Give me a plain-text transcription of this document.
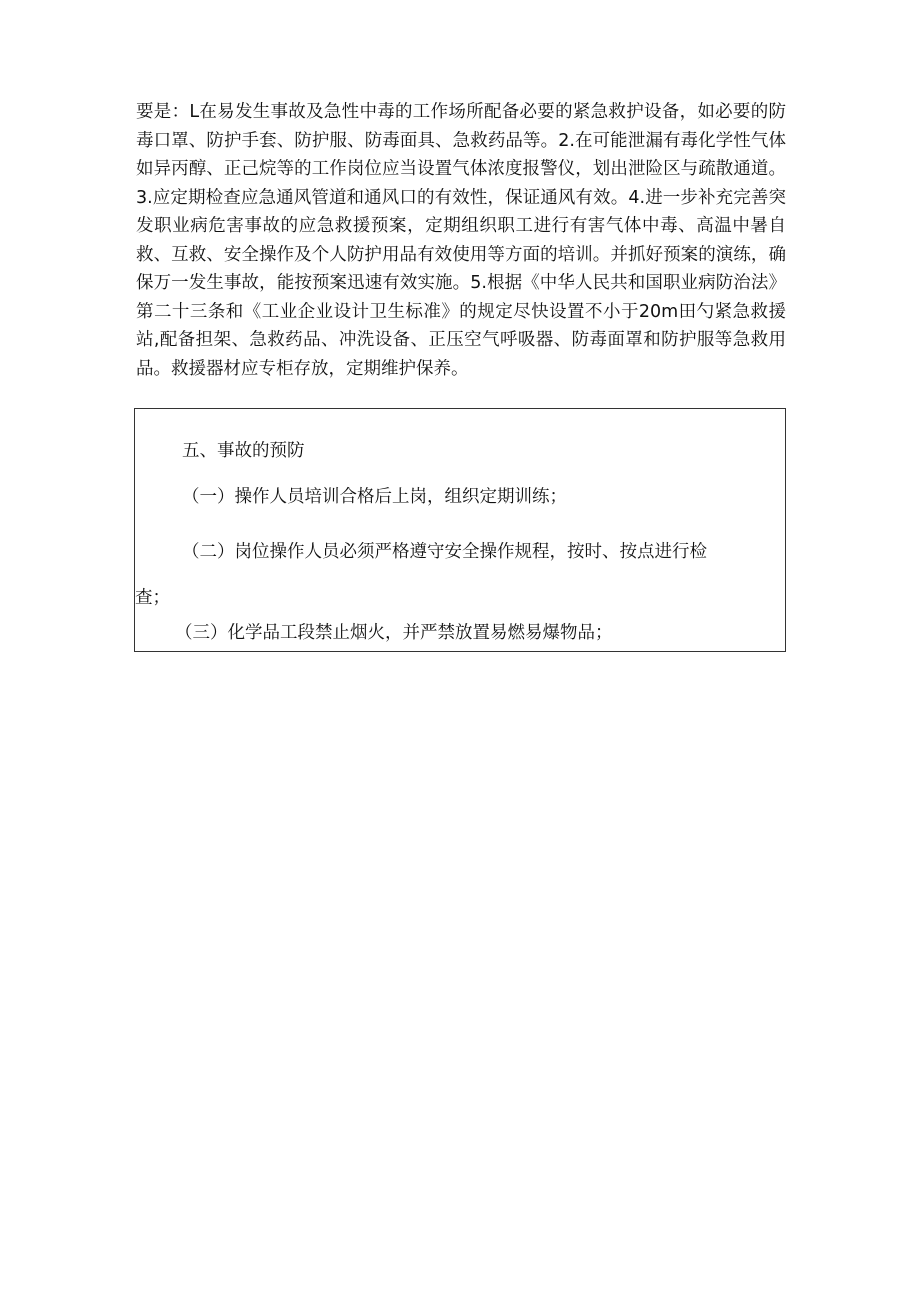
要是：L在易发生事故及急性中毒的工作场所配备必要的紧急救护设备，如必要的防毒口罩、防护手套、防护服、防毒面具、急救药品等。2.在可能泄漏有毒化学性气体如异丙醇、正己烷等的工作岗位应当设置气体浓度报警仪，划出泄险区与疏散通道。3.应定期检查应急通风管道和通风口的有效性，保证通风有效。4.进一步补充完善突发职业病危害事故的应急救援预案，定期组织职工进行有害气体中毒、高温中暑自救、互救、安全操作及个人防护用品有效使用等方面的培训。并抓好预案的演练，确保万一发生事故，能按预案迅速有效实施。5.根据《中华人民共和国职业病防治法》第二十三条和《工业企业设计卫生标准》的规定尽快设置不小于20m田勺紧急救援站,配备担架、急救药品、冲洗设备、正压空气呼吸器、防毒面罩和防护服等急救用品。救援器材应专柜存放，定期维护保养。

五、事故的预防

（一）操作人员培训合格后上岗，组织定期训练；

（二）岗位操作人员必须严格遵守安全操作规程，按时、按点进行检
查；

（三）化学品工段禁止烟火，并严禁放置易燃易爆物品；
